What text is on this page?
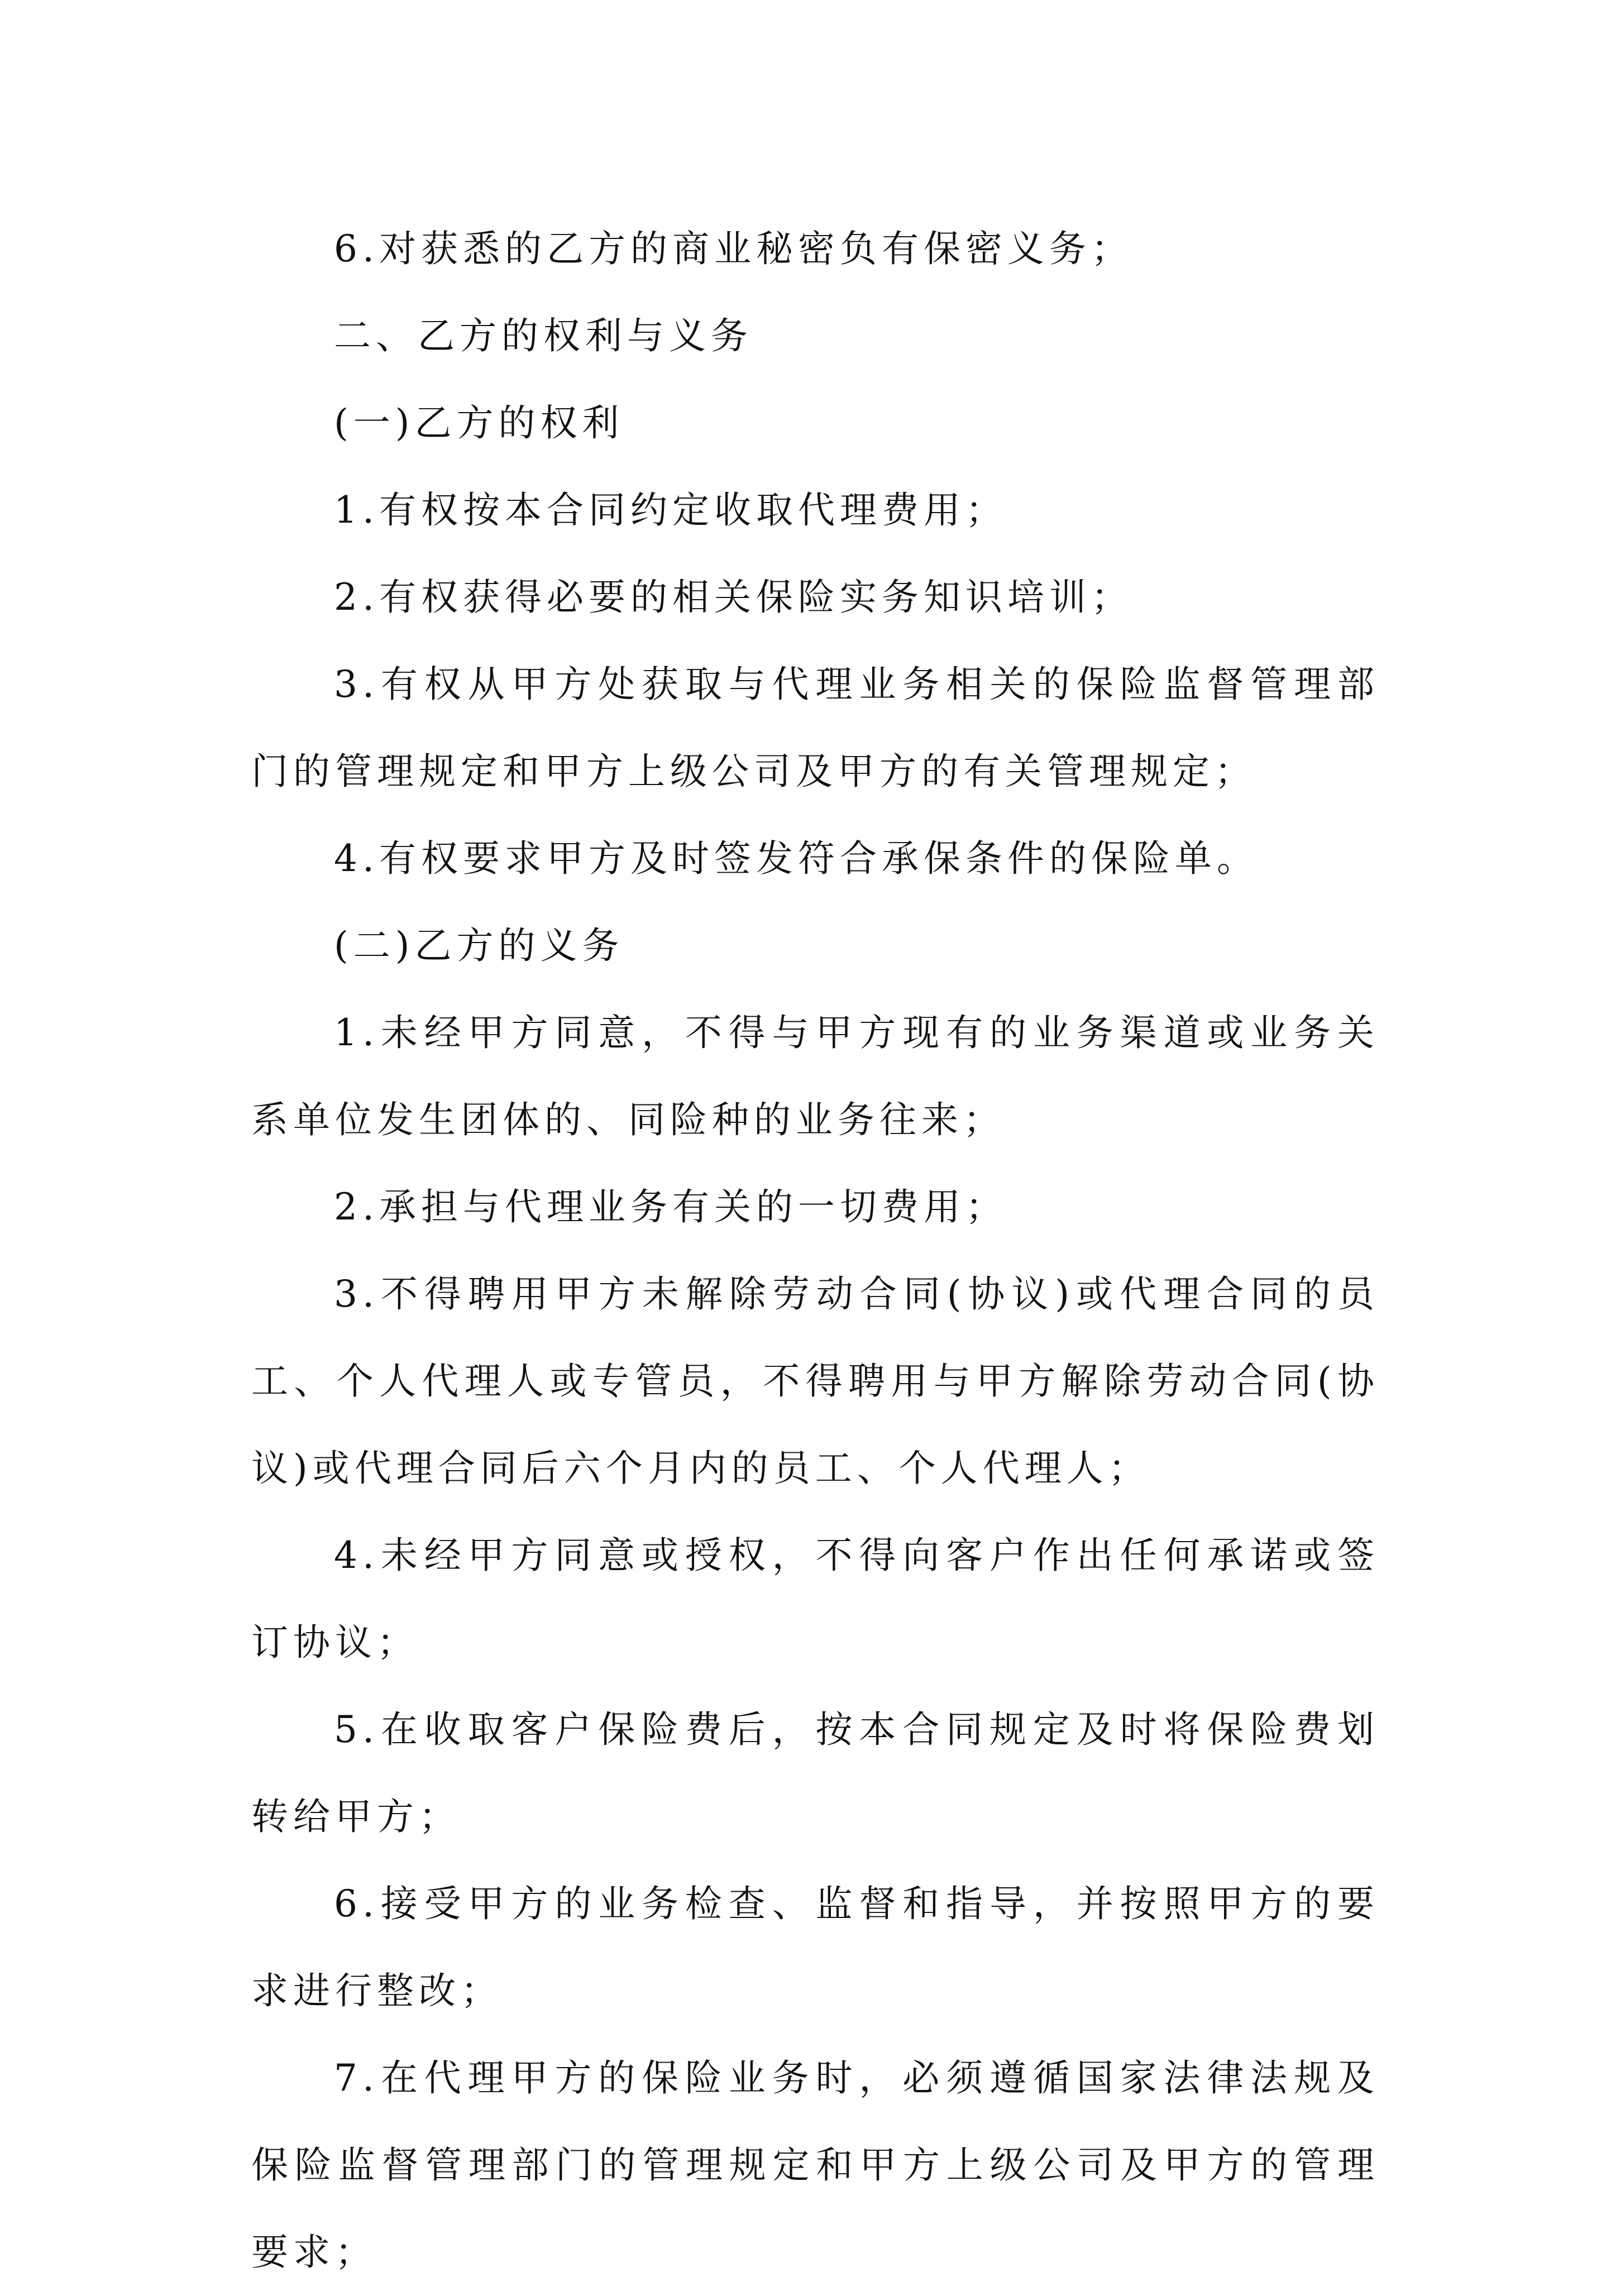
6.对获悉的乙方的商业秘密负有保密义务；

二、乙方的权利与义务

(一)乙方的权利

1.有权按本合同约定收取代理费用；

2.有权获得必要的相关保险实务知识培训；

3.有权从甲方处获取与代理业务相关的保险监督管理部门的管理规定和甲方上级公司及甲方的有关管理规定；

4.有权要求甲方及时签发符合承保条件的保险单。

(二)乙方的义务

1.未经甲方同意，不得与甲方现有的业务渠道或业务关系单位发生团体的、同险种的业务往来；

2.承担与代理业务有关的一切费用；

3.不得聘用甲方未解除劳动合同(协议)或代理合同的员工、个人代理人或专管员，不得聘用与甲方解除劳动合同(协议)或代理合同后六个月内的员工、个人代理人；

4.未经甲方同意或授权，不得向客户作出任何承诺或签订协议；

5.在收取客户保险费后，按本合同规定及时将保险费划转给甲方；

6.接受甲方的业务检查、监督和指导，并按照甲方的要求进行整改；

7.在代理甲方的保险业务时，必须遵循国家法律法规及保险监督管理部门的管理规定和甲方上级公司及甲方的管理要求；
